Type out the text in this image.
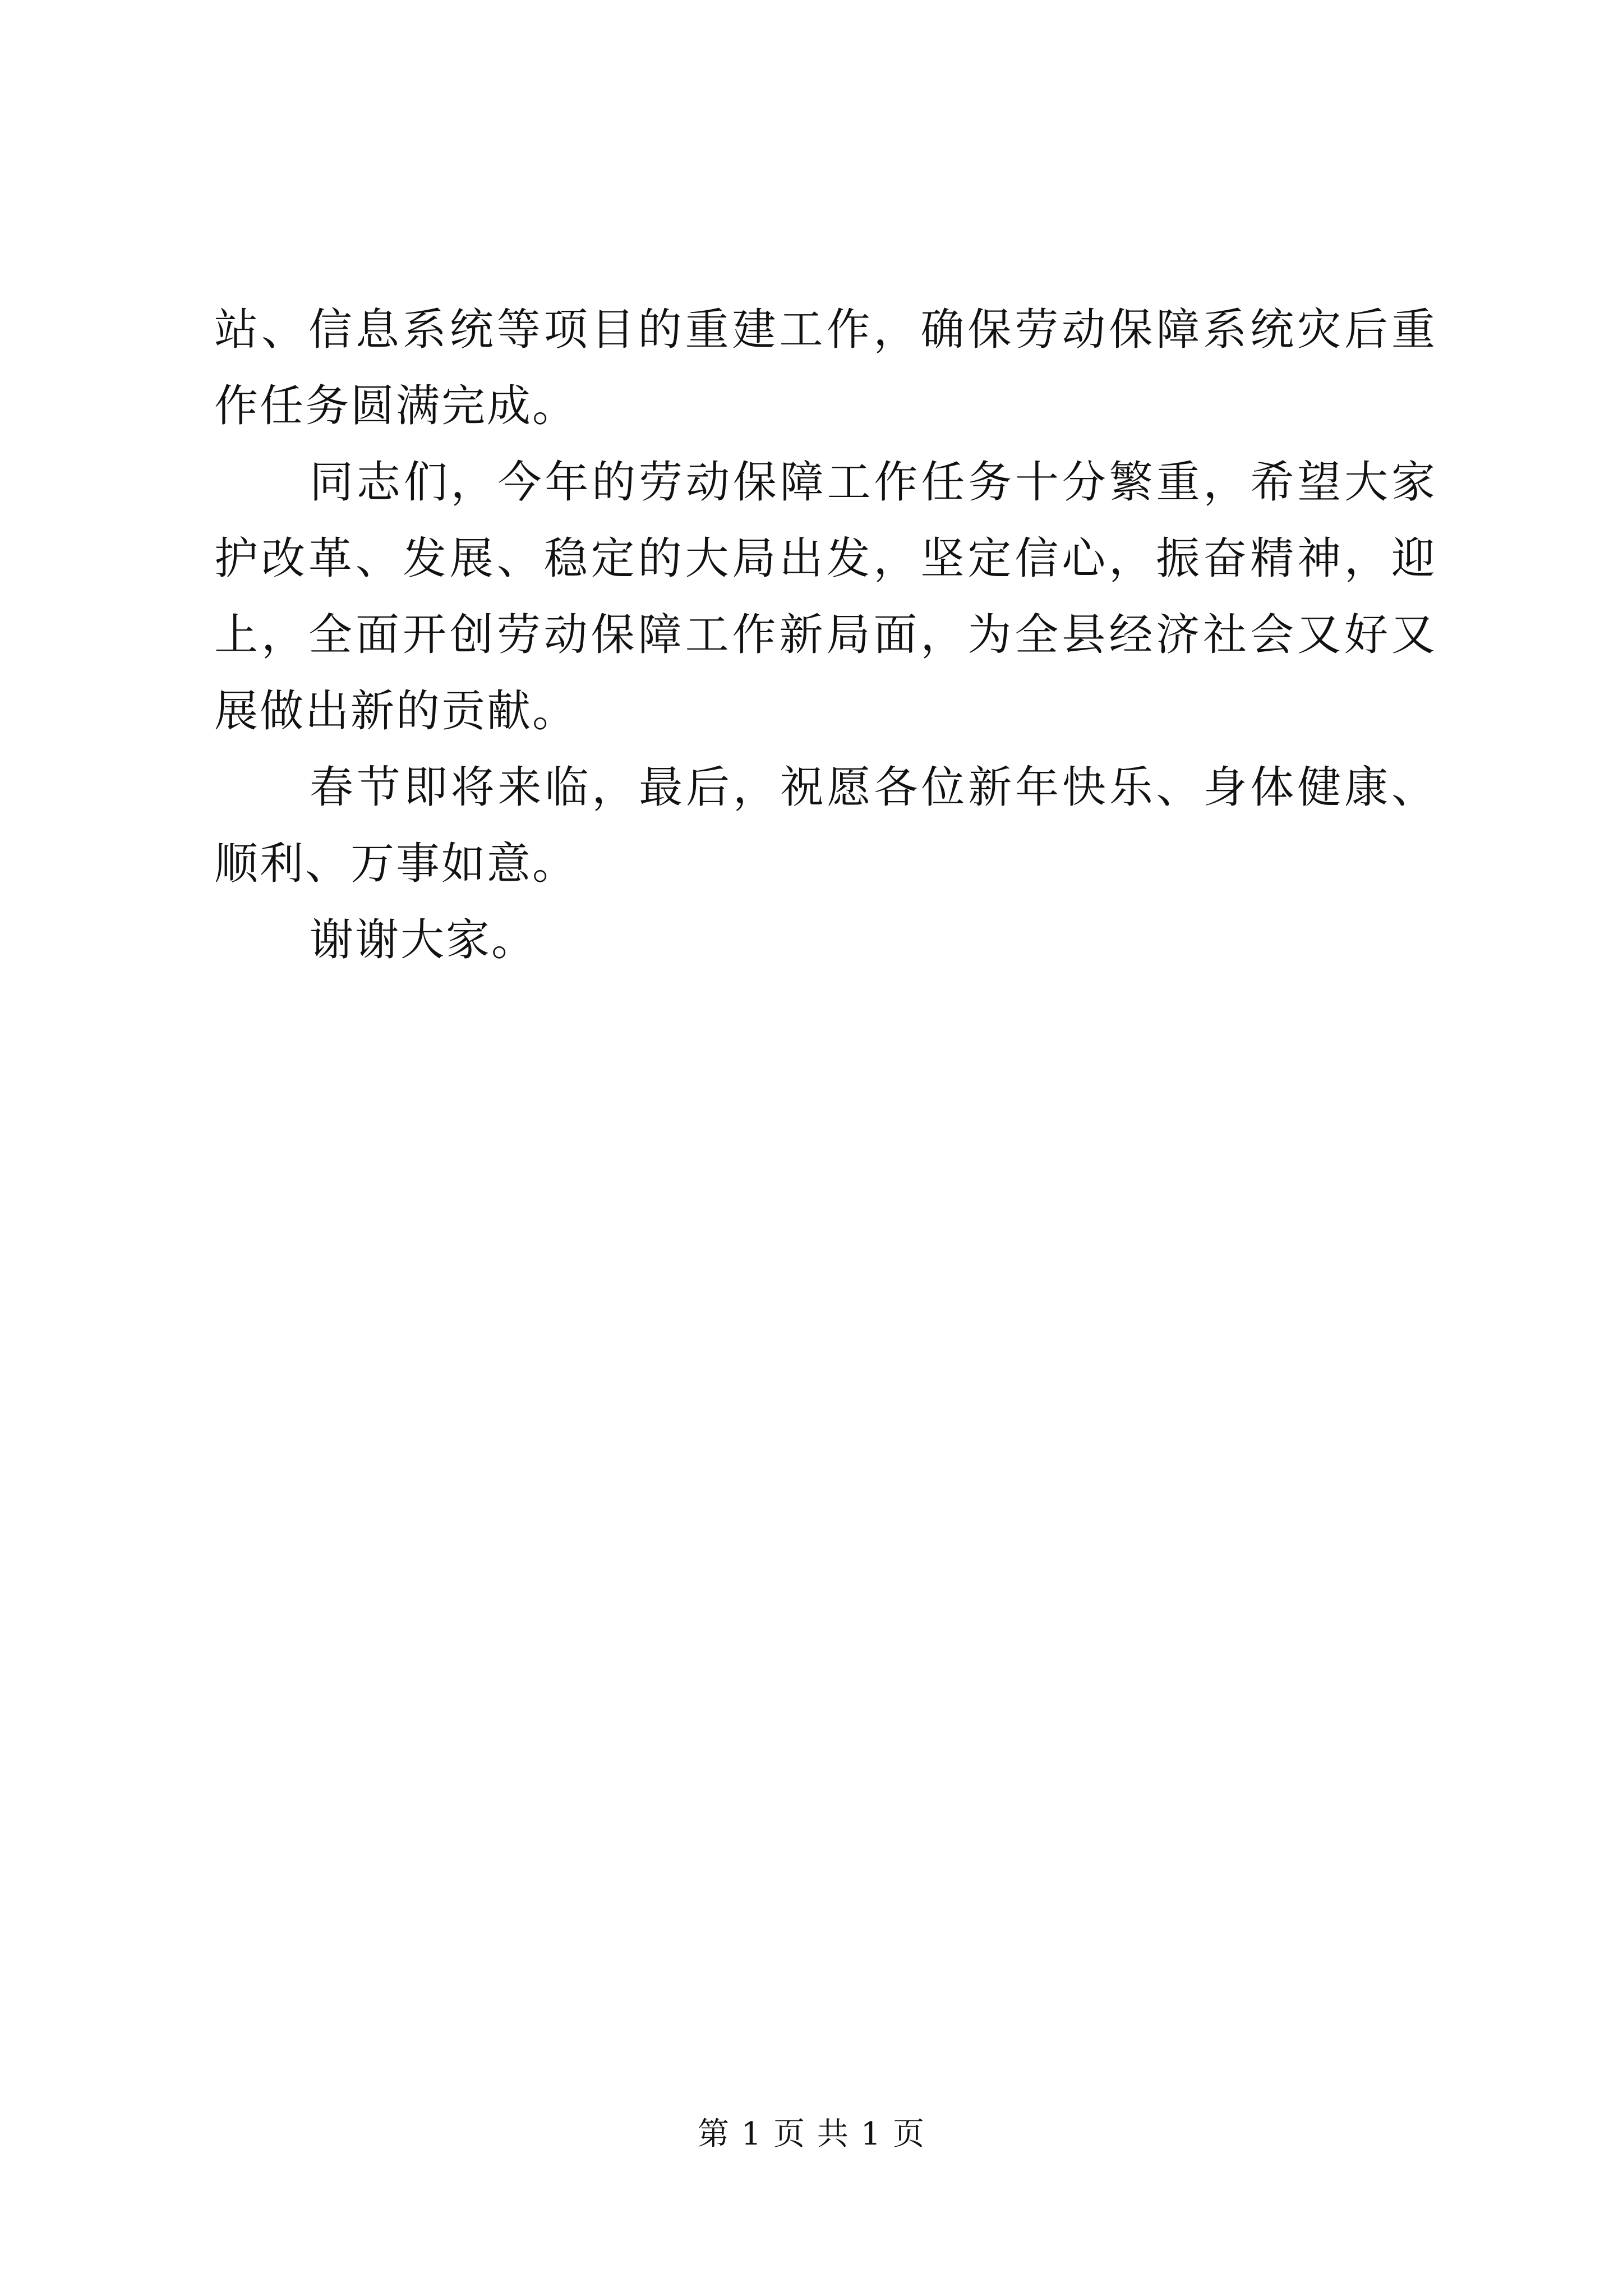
站、信息系统等项目的重建工作，确保劳动保障系统灾后重
作任务圆满完成。
同志们，今年的劳动保障工作任务十分繁重，希望大家
护改革、发展、稳定的大局出发，坚定信心，振奋精神，迎
上，全面开创劳动保障工作新局面，为全县经济社会又好又
展做出新的贡献。
春节即将来临，最后，祝愿各位新年快乐、身体健康、
顺利、万事如意。
谢谢大家。
第 1 页 共 1 页
